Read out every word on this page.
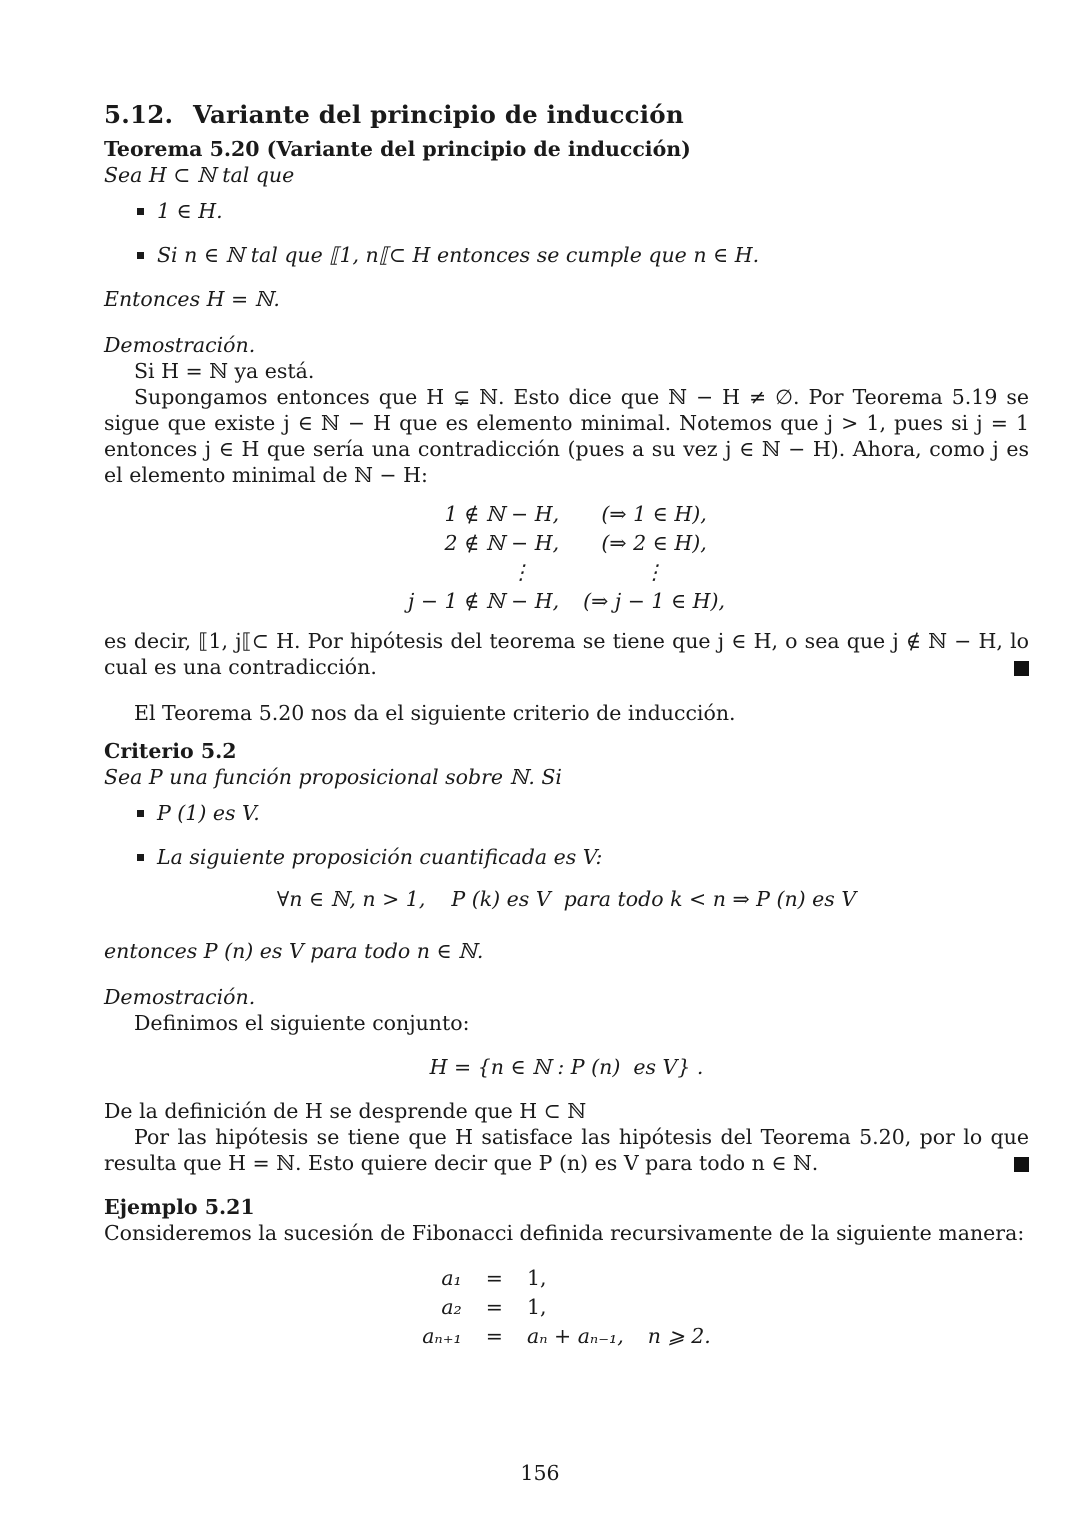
5.12. Variante del principio de inducción
Teorema 5.20 (Variante del principio de inducción)
Sea H ⊂ ℕ tal que
1 ∈ H.
Si n ∈ ℕ tal que ⟦1, n⟦⊂ H entonces se cumple que n ∈ H.
Entonces H = ℕ.
Demostración.
Si H = ℕ ya está.
Supongamos entonces que H ⊊ ℕ. Esto dice que ℕ − H ≠ ∅. Por Teorema 5.19 se sigue que existe j ∈ ℕ − H que es elemento minimal. Notemos que j > 1, pues si j = 1 entonces j ∈ H que sería una contradicción (pues a su vez j ∈ ℕ − H). Ahora, como j es el elemento minimal de ℕ − H:
1 ∉ ℕ − H,	(⇒ 1 ∈ H),
2 ∉ ℕ − H,	(⇒ 2 ∈ H),
⋮	⋮
j − 1 ∉ ℕ − H,	(⇒ j − 1 ∈ H),
es decir, ⟦1, j⟦⊂ H. Por hipótesis del teorema se tiene que j ∈ H, o sea que j ∉ ℕ − H, lo cual es una contradicción.
El Teorema 5.20 nos da el siguiente criterio de inducción.
Criterio 5.2
Sea P una función proposicional sobre ℕ. Si
P (1) es V.
La siguiente proposición cuantificada es V:
∀n ∈ ℕ, n > 1,    P (k) es V  para todo k < n ⇒ P (n) es V
entonces P (n) es V para todo n ∈ ℕ.
Demostración.
Definimos el siguiente conjunto:
H = {n ∈ ℕ : P (n)  es V} .
De la definición de H se desprende que H ⊂ ℕ
Por las hipótesis se tiene que H satisface las hipótesis del Teorema 5.20, por lo que resulta que H = ℕ. Esto quiere decir que P (n) es V para todo n ∈ ℕ.
Ejemplo 5.21
Consideremos la sucesión de Fibonacci definida recursivamente de la siguiente manera:
a₁	=	1,	
a₂	=	1,	
aₙ₊₁	=	aₙ + aₙ₋₁,	n ⩾ 2.
156
